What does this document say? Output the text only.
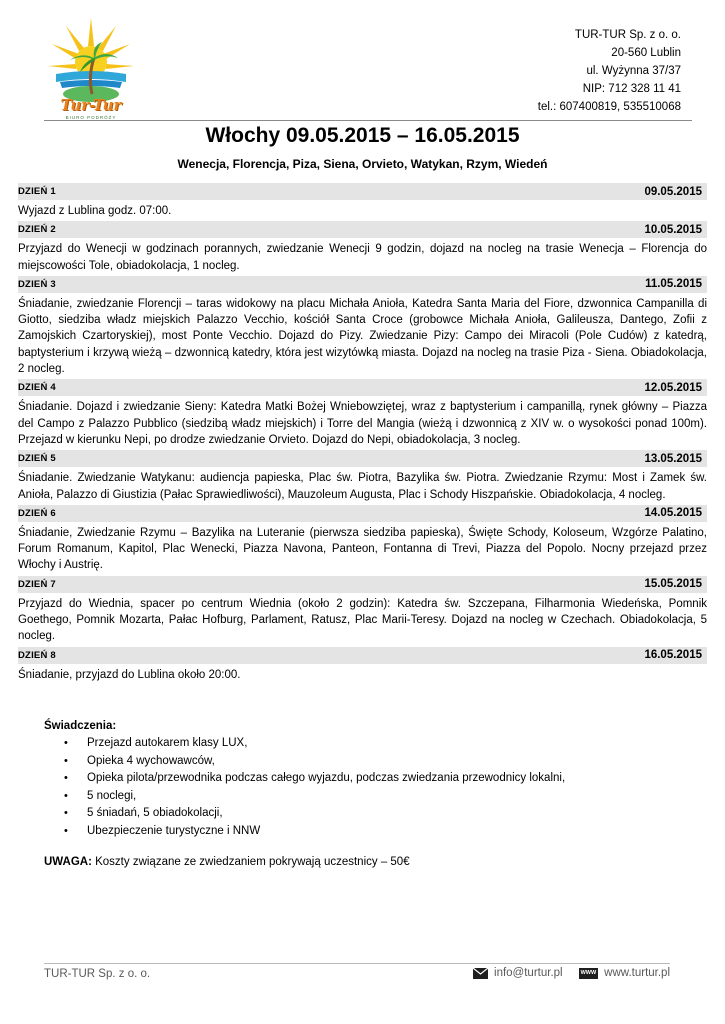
Tur-Tur
BIURO PODRÓŻY
TUR-TUR Sp. z o. o.
20-560 Lublin
ul. Wyżynna 37/37
NIP: 712 328 11 41
tel.: 607400819, 535510068
Włochy 09.05.2015 – 16.05.2015
Wenecja, Florencja, Piza, Siena, Orvieto, Watykan, Rzym, Wiedeń
DZIEŃ 1	09.05.2015
Wyjazd z Lublina godz. 07:00.
DZIEŃ 2	10.05.2015
Przyjazd do Wenecji w godzinach porannych, zwiedzanie Wenecji 9 godzin, dojazd na nocleg na trasie Wenecja – Florencja do miejscowości Tole, obiadokolacja, 1 nocleg.
DZIEŃ 3	11.05.2015
Śniadanie, zwiedzanie Florencji – taras widokowy na placu Michała Anioła, Katedra Santa Maria del Fiore, dzwonnica Campanilla di Giotto, siedziba władz miejskich Palazzo Vecchio, kościół Santa Croce (grobowce Michała Anioła, Galileusza, Dantego, Zofii z Zamojskich Czartoryskiej), most Ponte Vecchio. Dojazd do Pizy. Zwiedzanie Pizy: Campo dei Miracoli (Pole Cudów) z katedrą, baptysterium i krzywą wieżą – dzwonnicą katedry, która jest wizytówką miasta. Dojazd na nocleg na trasie Piza - Siena. Obiadokolacja, 2 nocleg.
DZIEŃ 4	12.05.2015
Śniadanie. Dojazd i zwiedzanie Sieny: Katedra Matki Bożej Wniebowziętej, wraz z baptysterium i campanillą, rynek główny – Piazza del Campo z Palazzo Pubblico (siedzibą władz miejskich) i Torre del Mangia (wieżą i dzwonnicą z XIV w. o wysokości ponad 100m). Przejazd w kierunku Nepi, po drodze zwiedzanie Orvieto. Dojazd do Nepi, obiadokolacja, 3 nocleg.
DZIEŃ 5	13.05.2015
Śniadanie. Zwiedzanie Watykanu: audiencja papieska, Plac św. Piotra, Bazylika św. Piotra. Zwiedzanie Rzymu: Most i Zamek św. Anioła, Palazzo di Giustizia (Pałac Sprawiedliwości), Mauzoleum Augusta, Plac i Schody Hiszpańskie. Obiadokolacja, 4 nocleg.
DZIEŃ 6	14.05.2015
Śniadanie, Zwiedzanie Rzymu – Bazylika na Luteranie (pierwsza siedziba papieska), Święte Schody, Koloseum, Wzgórze Palatino, Forum Romanum, Kapitol, Plac Wenecki, Piazza Navona, Panteon, Fontanna di Trevi, Piazza del Popolo. Nocny przejazd przez Włochy i Austrię.
DZIEŃ 7	15.05.2015
Przyjazd do Wiednia, spacer po centrum Wiednia (około 2 godzin): Katedra św. Szczepana, Filharmonia Wiedeńska, Pomnik Goethego, Pomnik Mozarta, Pałac Hofburg, Parlament, Ratusz, Plac Marii-Teresy. Dojazd na nocleg w Czechach. Obiadokolacja, 5 nocleg.
DZIEŃ 8	16.05.2015
Śniadanie, przyjazd do Lublina około 20:00.
Świadczenia:
• Przejazd autokarem klasy LUX,
• Opieka 4 wychowawców,
• Opieka pilota/przewodnika podczas całego wyjazdu, podczas zwiedzania przewodnicy lokalni,
• 5 noclegi,
• 5 śniadań, 5 obiadokolacji,
• Ubezpieczenie turystyczne i NNW
UWAGA: Koszty związane ze zwiedzaniem pokrywają uczestnicy – 50€
TUR-TUR Sp. z o. o.	info@turtur.pl	WWW www.turtur.pl
